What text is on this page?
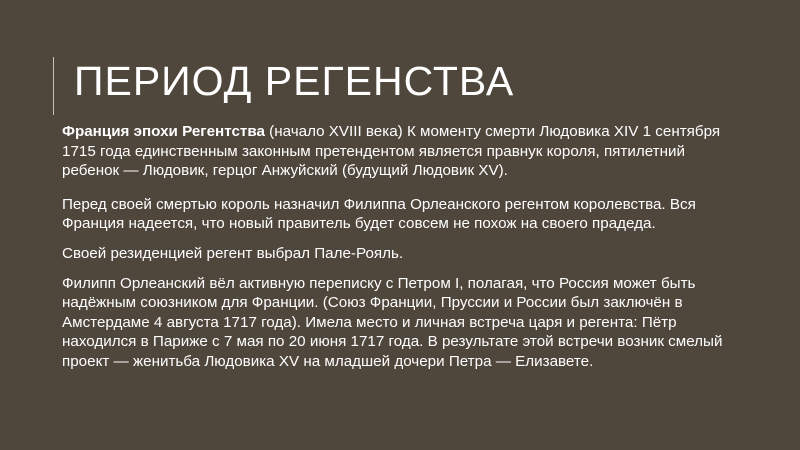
ПЕРИОД РЕГЕНСТВА

Франция эпохи Регентства (начало XVIII века) К моменту смерти Людовика XIV 1 сентября 1715 года единственным законным претендентом является правнук короля, пятилетний ребенок — Людовик, герцог Анжуйский (будущий Людовик XV).

Перед своей смертью король назначил Филиппа Орлеанского регентом королевства. Вся Франция надеется, что новый правитель будет совсем не похож на своего прадеда.

Своей резиденцией регент выбрал Пале-Рояль.

Филипп Орлеанский вёл активную переписку с Петром I, полагая, что Россия может быть надёжным союзником для Франции. (Союз Франции, Пруссии и России был заключён в Амстердаме 4 августа 1717 года). Имела место и личная встреча царя и регента: Пётр находился в Париже с 7 мая по 20 июня 1717 года. В результате этой встречи возник смелый проект — женитьба Людовика XV на младшей дочери Петра — Елизавете.
